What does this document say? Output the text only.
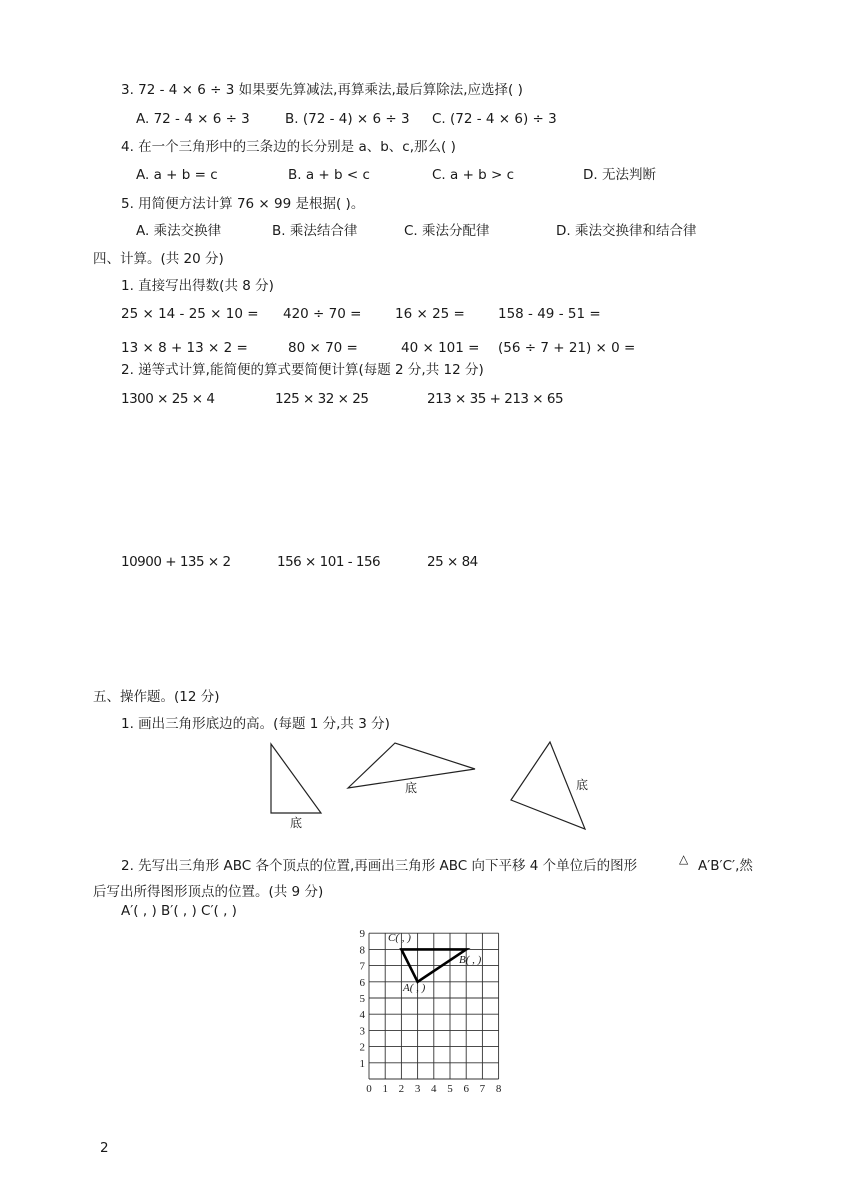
3. 72 - 4 × 6 ÷ 3 如果要先算减法,再算乘法,最后算除法,应选择( )
A. 72 - 4 × 6 ÷ 3	B. (72 - 4) × 6 ÷ 3 C. (72 - 4 × 6) ÷ 3
4. 在一个三角形中的三条边的长分别是 a、b、c,那么( )
A. a + b = c	B. a + b < c	C. a + b > c	D. 无法判断
5. 用简便方法计算 76 × 99 是根据( )。
A. 乘法交换律	B. 乘法结合律	C. 乘法分配律	D. 乘法交换律和结合律
四、计算。(共 20 分)
1. 直接写出得数(共 8 分)
25 × 14 - 25 × 10 = 420 ÷ 70 = 16 × 25 = 158 - 49 - 51 =
13 × 8 + 13 × 2 =	80 × 70 =	40 × 101 = (56 ÷ 7 + 21) × 0 =
2. 递等式计算,能简便的算式要简便计算(每题 2 分,共 12 分)
1300 × 25 × 4	125 × 32 × 25	213 × 35 + 213 × 65
10900 + 135 × 2	156 × 101 - 156	25 × 84
五、操作题。(12 分)
1. 画出三角形底边的高。(每题 1 分,共 3 分)
底
底	底
2. 先写出三角形 ABC 各个顶点的位置,再画出三角形 ABC 向下平移 4 个单位后的图形	△ A′B′C′,然
后写出所得图形顶点的位置。(共 9 分)
A′( , ) B′( , ) C′( , )
0 1 2 3 4 5 6 7 8
1
2
3
4
5
6
7
8
9 C( , )
B( , )
A( , )
2
